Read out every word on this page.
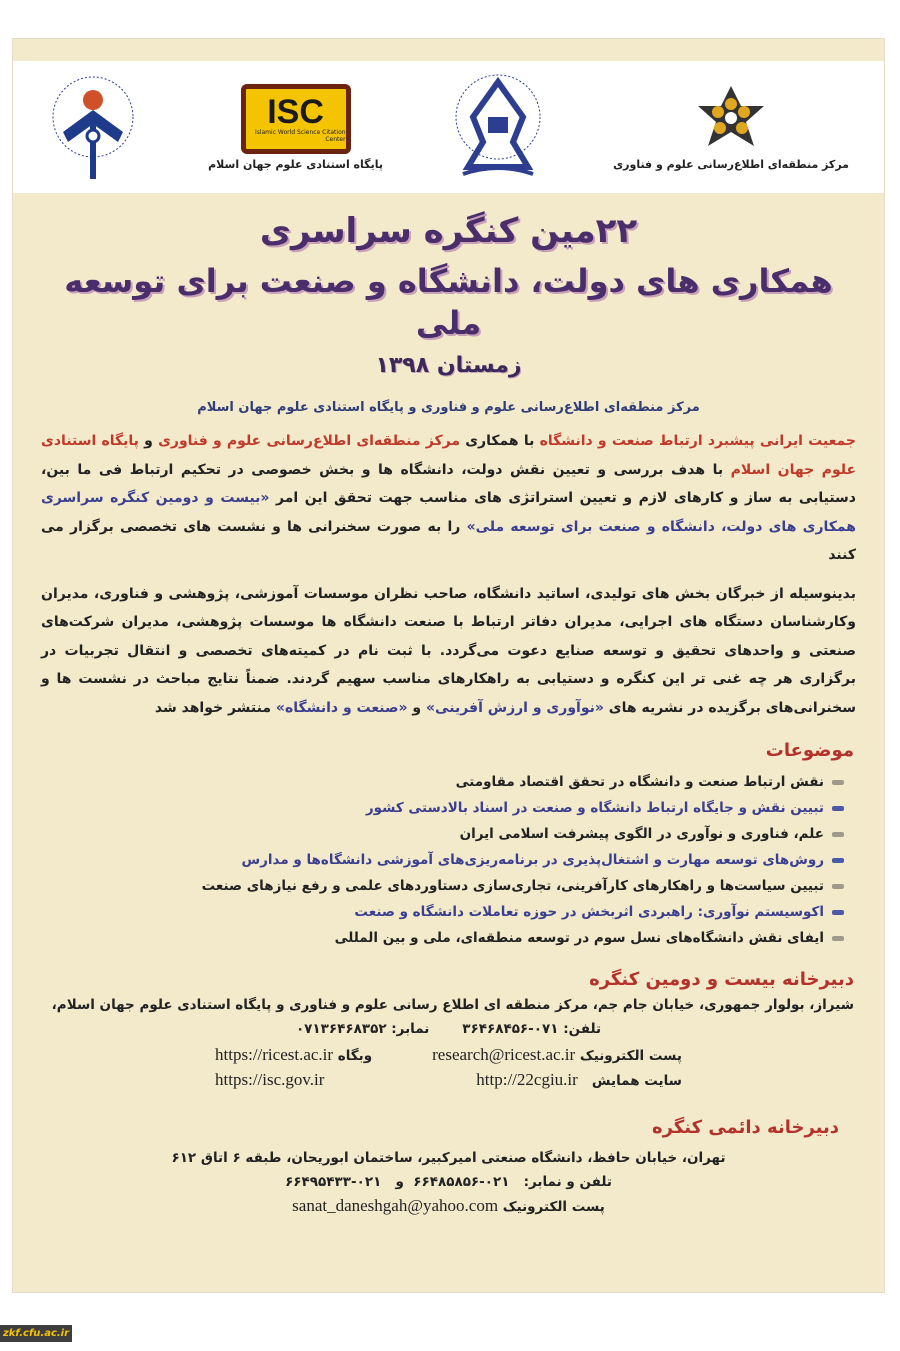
مرکز منطقه‌ای اطلاع‌رسانی علوم و فناوری
ISC
Islamic World Science Citation Center
پایگاه استنادی علوم جهان اسلام
۲۲مین کنگره سراسری
همکاری های دولت، دانشگاه و صنعت برای توسعه ملی
زمستان ۱۳۹۸
مرکز منطقه‌ای اطلاع‌رسانی علوم و فناوری و پایگاه استنادی علوم جهان اسلام
جمعیت ایرانی پیشبرد ارتباط صنعت و دانشگاه با همکاری مرکز منطقه‌ای اطلاع‌رسانی علوم و فناوری و پایگاه استنادی علوم جهان اسلام با هدف بررسی و تعیین نقش دولت، دانشگاه ها و بخش خصوصی در تحکیم ارتباط فی ما بین، دستیابی به ساز و کارهای لازم و تعیین استراتژی های مناسب جهت تحقق این امر «بیست و دومین کنگره سراسری همکاری های دولت، دانشگاه و صنعت برای توسعه ملی» را به صورت سخنرانی ها و نشست های تخصصی برگزار می کنند
بدینوسیله از خبرگان بخش های تولیدی، اساتید دانشگاه، صاحب نظران موسسات آموزشی، پژوهشی و فناوری، مدیران وکارشناسان دستگاه های اجرایی، مدیران دفاتر ارتباط با صنعت دانشگاه ها موسسات پژوهشی، مدیران شرکت‌های صنعتی و واحدهای تحقیق و توسعه صنایع دعوت می‌گردد. با ثبت نام در کمیته‌های تخصصی و انتقال تجربیات در برگزاری هر چه غنی تر این کنگره و دستیابی به راهکارهای مناسب سهیم گردند. ضمناً نتایج مباحث در نشست ها و سخنرانی‌های برگزیده در نشریه های «نوآوری و ارزش آفرینی» و «صنعت و دانشگاه» منتشر خواهد شد
موضوعات
نقش ارتباط صنعت و دانشگاه در تحقق اقتصاد مقاومتی
تبیین نقش و جایگاه ارتباط دانشگاه و صنعت در اسناد بالادستی کشور
علم، فناوری و نوآوری در الگوی پیشرفت اسلامی ایران
روش‌های توسعه مهارت و اشتغال‌پذیری در برنامه‌ریزی‌های آموزشی دانشگاه‌ها و مدارس
تبیین سیاست‌ها و راهکارهای کارآفرینی، تجاری‌سازی دستاوردهای علمی و رفع نیازهای صنعت
اکوسیستم نوآوری: راهبردی اثربخش در حوزه تعاملات دانشگاه و صنعت
ایفای نقش دانشگاه‌های نسل سوم در توسعه منطقه‌ای، ملی و بین المللی
دبیرخانه بیست و دومین کنگره
شیراز، بولوار جمهوری، خیابان جام جم، مرکز منطقه ای اطلاع رسانی علوم و فناوری و پایگاه استنادی علوم جهان اسلام،
تلفن: ۰۷۱-۳۶۴۶۸۴۵۶       نمابر: ۰۷۱۳۶۴۶۸۳۵۲
پست الکترونیک research@ricest.ac.ir
سایت همایش   http://22cgiu.ir
وبگاه https://ricest.ac.ir
https://isc.gov.ir
دبیرخانه دائمی کنگره
تهران، خیابان حافظ، دانشگاه صنعتی امیرکبیر، ساختمان ابوریحان، طبقه ۶ اتاق ۶۱۲
تلفن و نمابر:   ۰۲۱-۶۶۴۸۵۸۵۶  و   ۰۲۱-۶۶۴۹۵۴۳۳
پست الکترونیک sanat_daneshgah@yahoo.com
zkf.cfu.ac.ir
